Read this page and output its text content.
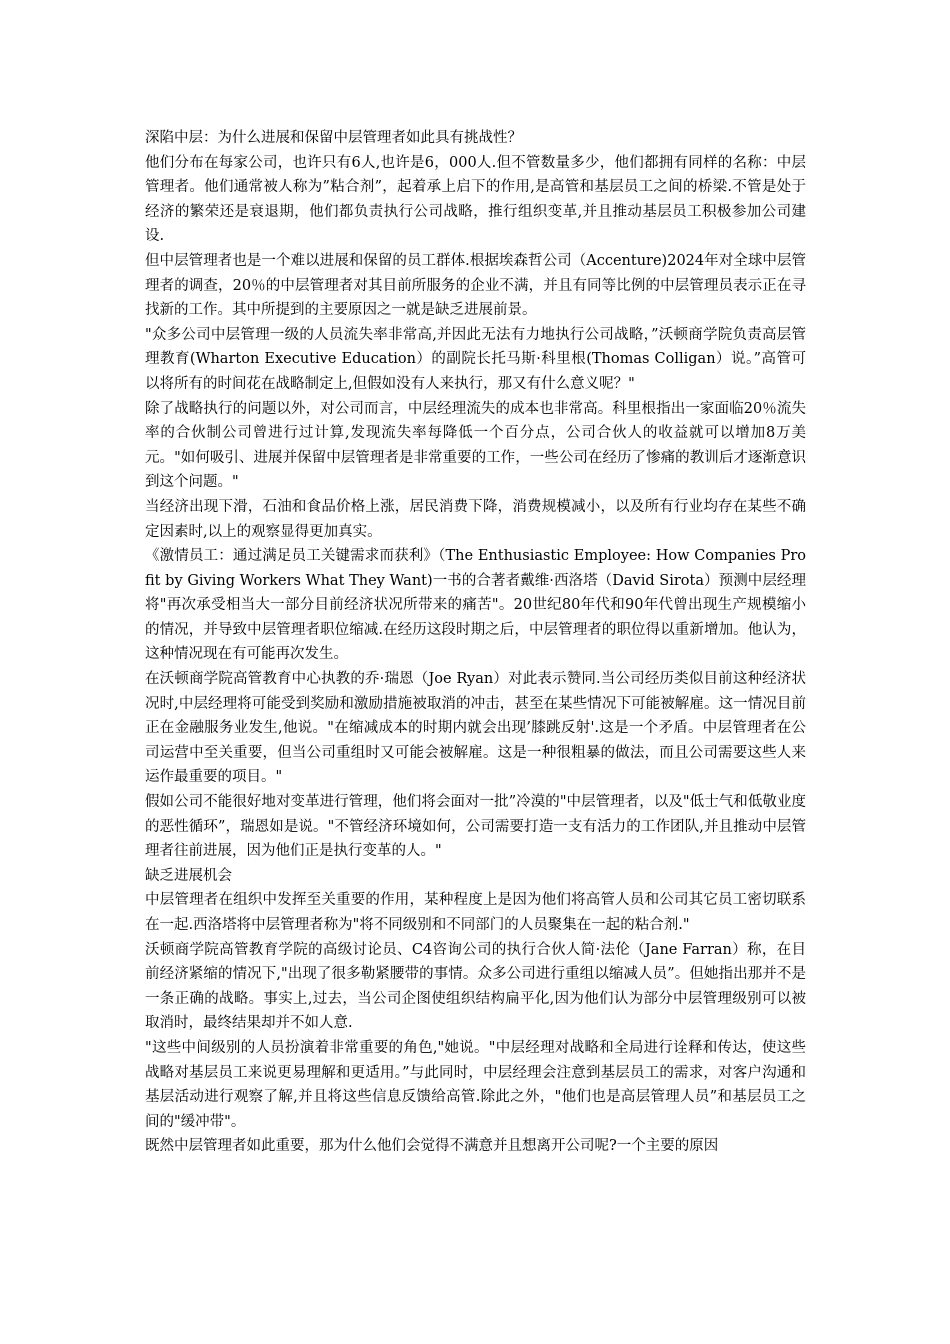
深陷中层：为什么进展和保留中层管理者如此具有挑战性？

他们分布在每家公司，也许只有6人,也许是6，000人.但不管数量多少，他们都拥有同样的名称：中层管理者。他们通常被人称为”粘合剂”，起着承上启下的作用,是高管和基层员工之间的桥梁.不管是处于经济的繁荣还是衰退期，他们都负责执行公司战略，推行组织变革,并且推动基层员工积极参加公司建设.

但中层管理者也是一个难以进展和保留的员工群体.根据埃森哲公司（Accenture)2024年对全球中层管理者的调查，20％的中层管理者对其目前所服务的企业不满，并且有同等比例的中层管理员表示正在寻找新的工作。其中所提到的主要原因之一就是缺乏进展前景。

"众多公司中层管理一级的人员流失率非常高,并因此无法有力地执行公司战略，”沃顿商学院负责高层管理教育(Wharton Executive Education）的副院长托马斯·科里根(Thomas Colligan）说。”高管可以将所有的时间花在战略制定上,但假如没有人来执行，那又有什么意义呢？"

除了战略执行的问题以外，对公司而言，中层经理流失的成本也非常高。科里根指出一家面临20％流失率的合伙制公司曾进行过计算,发现流失率每降低一个百分点，公司合伙人的收益就可以增加8万美元。"如何吸引、进展并保留中层管理者是非常重要的工作，一些公司在经历了惨痛的教训后才逐渐意识到这个问题。"

当经济出现下滑，石油和食品价格上涨，居民消费下降，消费规模减小，以及所有行业均存在某些不确定因素时,以上的观察显得更加真实。

《激情员工：通过满足员工关键需求而获利》（The Enthusiastic Employee: How Companies Profit by Giving Workers What They Want)一书的合著者戴维·西洛塔（David Sirota）预测中层经理将"再次承受相当大一部分目前经济状况所带来的痛苦"。20世纪80年代和90年代曾出现生产规模缩小的情况，并导致中层管理者职位缩减.在经历这段时期之后，中层管理者的职位得以重新增加。他认为，这种情况现在有可能再次发生。

在沃顿商学院高管教育中心执教的乔·瑞恩（Joe Ryan）对此表示赞同.当公司经历类似目前这种经济状况时,中层经理将可能受到奖励和激励措施被取消的冲击，甚至在某些情况下可能被解雇。这一情况目前正在金融服务业发生,他说。"在缩减成本的时期内就会出现’膝跳反射'.这是一个矛盾。中层管理者在公司运营中至关重要，但当公司重组时又可能会被解雇。这是一种很粗暴的做法，而且公司需要这些人来运作最重要的项目。"

假如公司不能很好地对变革进行管理，他们将会面对一批”冷漠的"中层管理者，以及"低士气和低敬业度的恶性循环”，瑞恩如是说。"不管经济环境如何，公司需要打造一支有活力的工作团队,并且推动中层管理者往前进展，因为他们正是执行变革的人。"

缺乏进展机会

中层管理者在组织中发挥至关重要的作用，某种程度上是因为他们将高管人员和公司其它员工密切联系在一起.西洛塔将中层管理者称为"将不同级别和不同部门的人员聚集在一起的粘合剂."

沃顿商学院高管教育学院的高级讨论员、C4咨询公司的执行合伙人简·法伦（Jane Farran）称，在目前经济紧缩的情况下,"出现了很多勒紧腰带的事情。众多公司进行重组以缩减人员”。但她指出那并不是一条正确的战略。事实上,过去，当公司企图使组织结构扁平化,因为他们认为部分中层管理级别可以被取消时，最终结果却并不如人意.

"这些中间级别的人员扮演着非常重要的角色,"她说。"中层经理对战略和全局进行诠释和传达，使这些战略对基层员工来说更易理解和更适用。”与此同时，中层经理会注意到基层员工的需求，对客户沟通和基层活动进行观察了解,并且将这些信息反馈给高管.除此之外，"他们也是高层管理人员”和基层员工之间的"缓冲带"。

既然中层管理者如此重要，那为什么他们会觉得不满意并且想离开公司呢?一个主要的原因
